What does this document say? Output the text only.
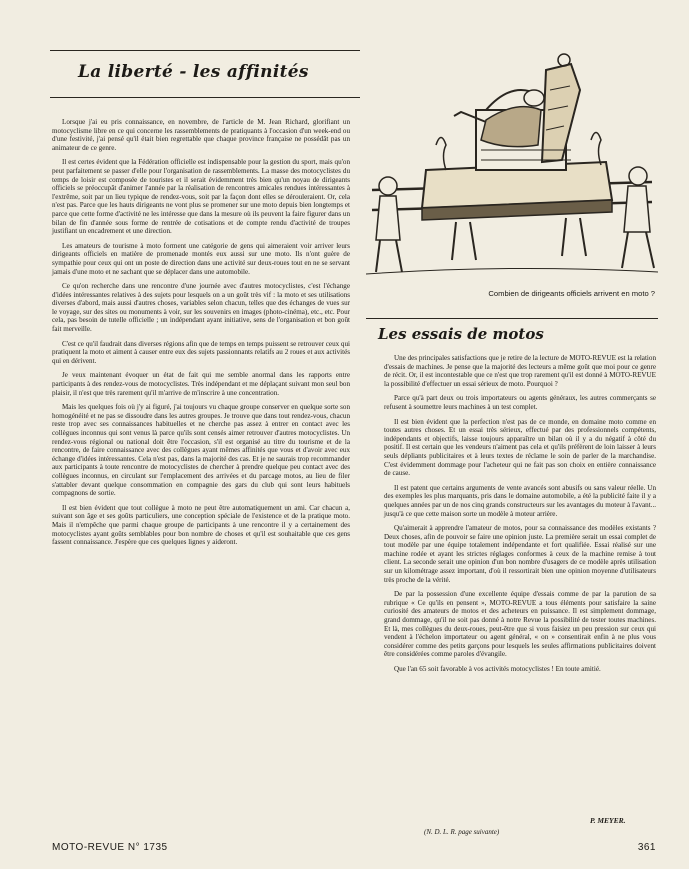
La liberté - les affinités

Lorsque j'ai eu pris connaissance, en novembre, de l'article de M. Jean Richard, glorifiant un motocyclisme libre en ce qui concerne les rassemblements de pratiquants à l'occasion d'un week-end ou d'une festivité, j'ai pensé qu'il était bien regrettable que chaque province française ne possédât pas un animateur de ce genre.

Il est certes évident que la Fédération officielle est indispensable pour la gestion du sport, mais qu'on peut parfaitement se passer d'elle pour l'organisation de rassemblements. La masse des motocyclistes du temps de loisir est composée de touristes et il serait évidemment très bien qu'un noyau de dirigeants officiels se préoccupât d'animer l'année par la réalisation de rencontres amicales rendues intéressantes à l'extrême, soit par un lieu typique de rendez-vous, soit par la façon dont elles se dérouleraient. Or, cela n'est pas. Parce que les hauts dirigeants ne vont plus se promener sur une moto depuis bien longtemps et parce que cette forme d'activité ne les intéresse que dans la mesure où ils peuvent la faire figurer dans un bilan de fin d'année sous forme de rentrée de cotisations et de compte rendu d'activité de troupes justifiant un encadrement et une direction.

Les amateurs de tourisme à moto forment une catégorie de gens qui aimeraient voir arriver leurs dirigeants officiels en matière de promenade montés eux aussi sur une moto. Ils n'ont guère de sympathie pour ceux qui ont un poste de direction dans une activité sur deux-roues tout en ne se servant jamais d'une moto et ne sachant que se déplacer dans une automobile.

Ce qu'on recherche dans une rencontre d'une journée avec d'autres motocyclistes, c'est l'échange d'idées intéressantes relatives à des sujets pour lesquels on a un goût très vif : la moto et ses utilisations diverses d'abord, mais aussi d'autres choses, variables selon chacun, telles que des échanges de vues sur le voyage, sur des sites ou monuments à voir, sur les souvenirs en images (photo-cinéma), etc., etc. Pour cela, pas besoin de tutelle officielle ; un indépendant ayant initiative, sens de l'organisation et bon goût fait merveille.

C'est ce qu'il faudrait dans diverses régions afin que de temps en temps puissent se retrouver ceux qui pratiquent la moto et aiment à causer entre eux des sujets passionnants relatifs au 2 roues et aux activités qui en dérivent.

Je veux maintenant évoquer un état de fait qui me semble anormal dans les rapports entre participants à des rendez-vous de motocyclistes. Très indépendant et me déplaçant suivant mon seul bon plaisir, il n'est que très rarement qu'il m'arrive de m'inscrire à une concentration.

Mais les quelques fois où j'y ai figuré, j'ai toujours vu chaque groupe conserver en quelque sorte son homogénéité et ne pas se dissoudre dans les autres groupes. Je trouve que dans tout rendez-vous, chacun reste trop avec ses connaissances habituelles et ne cherche pas assez à entrer en contact avec les collègues inconnus qui sont venus là parce qu'ils sont censés aimer retrouver d'autres motocyclistes. Un rendez-vous régional ou national doit être l'occasion, s'il est organisé au titre du tourisme et de la rencontre, de faire connaissance avec des collègues ayant mêmes affinités que vous et d'avoir avec eux échange d'idées intéressantes. Cela n'est pas, dans la majorité des cas. Et je ne saurais trop recommander aux participants à toute rencontre de motocyclistes de chercher à prendre quelque peu contact avec des collègues inconnus, en circulant sur l'emplacement des arrivées et du parcage motos, au lieu de filer s'attabler devant quelque consommation en compagnie des gars du club qui sont leurs habituels compagnons de sortie.

Il est bien évident que tout collègue à moto ne peut être automatiquement un ami. Car chacun a, suivant son âge et ses goûts particuliers, une conception spéciale de l'existence et de la pratique moto. Mais il n'empêche que parmi chaque groupe de participants à une rencontre il y a certainement des motocyclistes ayant goûts semblables pour bon nombre de choses et qu'il est souhaitable que ces gens fassent connaissance. J'espère que ces quelques lignes y aideront.

Combien de dirigeants officiels arrivent en moto ?
Les essais de motos

Une des principales satisfactions que je retire de la lecture de MOTO-REVUE est la relation d'essais de machines. Je pense que la majorité des lecteurs a même goût que moi pour ce genre de récit. Or, il est incontestable que ce n'est que trop rarement qu'il est donné à MOTO-REVUE la possibilité d'effectuer un essai sérieux de moto. Pourquoi ?

Parce qu'à part deux ou trois importateurs ou agents généraux, les autres commerçants se refusent à soumettre leurs machines à un test complet.

Il est bien évident que la perfection n'est pas de ce monde, en domaine moto comme en toutes autres choses. Et un essai très sérieux, effectué par des professionnels compétents, indépendants et objectifs, laisse toujours apparaître un bilan où il y a du négatif à côté du positif. Il est certain que les vendeurs n'aiment pas cela et qu'ils préfèrent de loin laisser à leurs seuls dépliants publicitaires et à leurs textes de réclame le soin de parler de la marchandise. C'est évidemment dommage pour l'acheteur qui ne fait pas son choix en entière connaissance de cause.

Il est patent que certains arguments de vente avancés sont abusifs ou sans valeur réelle. Un des exemples les plus marquants, pris dans le domaine automobile, a été la publicité faite il y a quelques années par un de nos cinq grands constructeurs sur les avantages du moteur à l'avant... jusqu'à ce que cette maison sorte un modèle à moteur arrière.

Qu'aimerait à apprendre l'amateur de motos, pour sa connaissance des modèles existants ? Deux choses, afin de pouvoir se faire une opinion juste. La première serait un essai complet de tout modèle par une équipe totalement indépendante et fort qualifiée. Essai réalisé sur une machine rodée et ayant les strictes réglages conformes à ceux de la machine remise à tout client. La seconde serait une opinion d'un bon nombre d'usagers de ce modèle après utilisation sur un kilométrage assez important, d'où il ressortirait bien une opinion moyenne d'utilisateurs très proche de la vérité.

De par la possession d'une excellente équipe d'essais comme de par la parution de sa rubrique « Ce qu'ils en pensent », MOTO-REVUE a tous éléments pour satisfaire la saine curiosité des amateurs de motos et des acheteurs en puissance. Il est simplement dommage, grand dommage, qu'il ne soit pas donné à notre Revue la possibilité de tester toutes machines. Et là, mes collègues du deux-roues, peut-être que si vous faisiez un peu pression sur ceux qui vendent à l'échelon importateur ou agent général, « on » consentirait enfin à ne plus vous considérer comme des petits garçons pour lesquels les seules affirmations publicitaires doivent être considérées comme paroles d'évangile.

Que l'an 65 soit favorable à vos activités motocyclistes ! En toute amitié.

P. MEYER.
(N. D. L. R. page suivante)
MOTO-REVUE N° 1735	361
